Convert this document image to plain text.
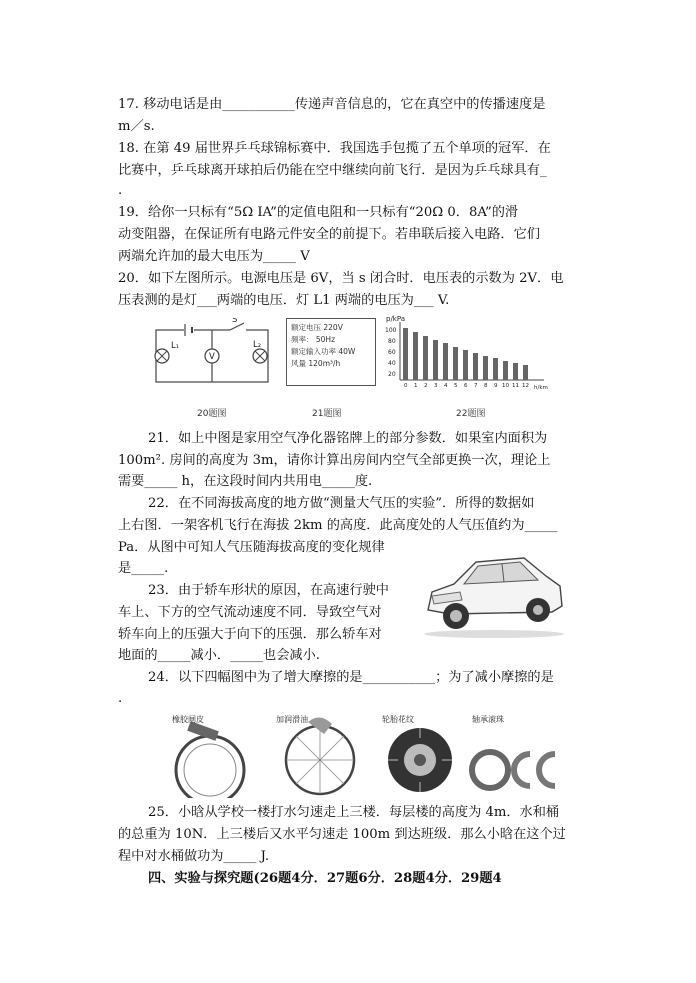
17. 移动电话是由___________传递声音信息的，它在真空中的传播速度是
m／s.
18. 在第 49 届世界乒乓球锦标赛中．我国选手包揽了五个单项的冠军．在
比赛中，乒乓球离开球拍后仍能在空中继续向前飞行．是因为乒乓球具有_
.
19．给你一只标有“5Ω IA”的定值电阻和一只标有“20Ω 0．8A”的滑
动变阻器，在保证所有电路元件安全的前提下。若串联后接入电路．它们
两端允许加的最大电压为_____ V
20．如下左图所示。电源电压是 6V，当 s 闭合时．电压表的示数为 2V．电
压表测的是灯___两端的电压．灯 L1 两端的电压为___ V.
L₁	L₂
S
V
20题图
额定电压 220V
频率： 50Hz
额定输入功率 40W
风量 120m³/h
21题图
p/kPa
100
80
60
40
20
0 1 2 3 4 5 6 7 8 9 10 11 12 h/km
22题图
21．如上中图是家用空气净化器铭牌上的部分参数．如果室内面积为
100m². 房间的高度为 3m，请你计算出房间内空气全部更换一次，理论上
需要_____ h，在这段时间内共用电_____度.
22．在不同海拔高度的地方做“测量大气压的实验”．所得的数据如
上右图．一架客机飞行在海拔 2km 的高度．此高度处的人气压值约为_____
Pa．从图中可知人气压随海拔高度的变化规律
是_____.
23．由于轿车形状的原因，在高速行驶中
车上、下方的空气流动速度不同．导致空气对
轿车向上的压强大于向下的压强．那么轿车对
地面的_____减小．_____也会减小.
24．以下四幅图中为了增大摩擦的是___________；为了减小摩擦的是
.
橡胶闸皮	加润滑油	轮胎花纹	轴承滚珠
25．小晗从学校一楼打水匀速走上三楼．每层楼的高度为 4m．水和桶
的总重为 10N．上三楼后又水平匀速走 100m 到达班级．那么小晗在这个过
程中对水桶做功为_____ J.
四、实验与探究题(26题4分．27题6分．28题4分．29题4
